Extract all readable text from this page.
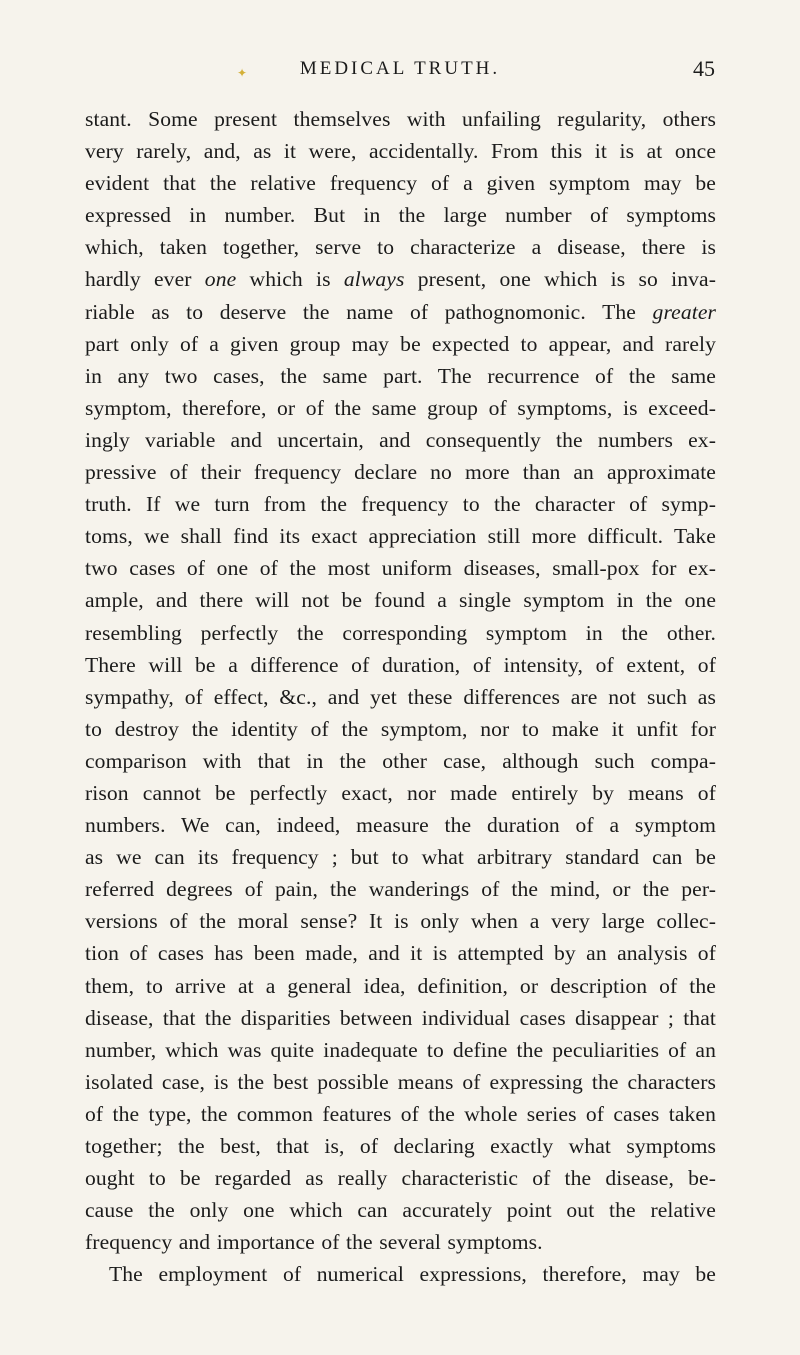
✦	MEDICAL TRUTH.	45
stant. Some present themselves with unfailing regularity, others
very rarely, and, as it were, accidentally. From this it is at once
evident that the relative frequency of a given symptom may be
expressed in number. But in the large number of symptoms
which, taken together, serve to characterize a disease, there is
hardly ever one which is always present, one which is so inva-
riable as to deserve the name of pathognomonic. The greater
part only of a given group may be expected to appear, and rarely
in any two cases, the same part. The recurrence of the same
symptom, therefore, or of the same group of symptoms, is exceed-
ingly variable and uncertain, and consequently the numbers ex-
pressive of their frequency declare no more than an approximate
truth. If we turn from the frequency to the character of symp-
toms, we shall find its exact appreciation still more difficult. Take
two cases of one of the most uniform diseases, small-pox for ex-
ample, and there will not be found a single symptom in the one
resembling perfectly the corresponding symptom in the other.
There will be a difference of duration, of intensity, of extent, of
sympathy, of effect, &c., and yet these differences are not such as
to destroy the identity of the symptom, nor to make it unfit for
comparison with that in the other case, although such compa-
rison cannot be perfectly exact, nor made entirely by means of
numbers. We can, indeed, measure the duration of a symptom
as we can its frequency ; but to what arbitrary standard can be
referred degrees of pain, the wanderings of the mind, or the per-
versions of the moral sense? It is only when a very large collec-
tion of cases has been made, and it is attempted by an analysis of
them, to arrive at a general idea, definition, or description of the
disease, that the disparities between individual cases disappear ; that
number, which was quite inadequate to define the peculiarities of an
isolated case, is the best possible means of expressing the characters
of the type, the common features of the whole series of cases taken
together; the best, that is, of declaring exactly what symptoms
ought to be regarded as really characteristic of the disease, be-
cause the only one which can accurately point out the relative
frequency and importance of the several symptoms.
The employment of numerical expressions, therefore, may be
